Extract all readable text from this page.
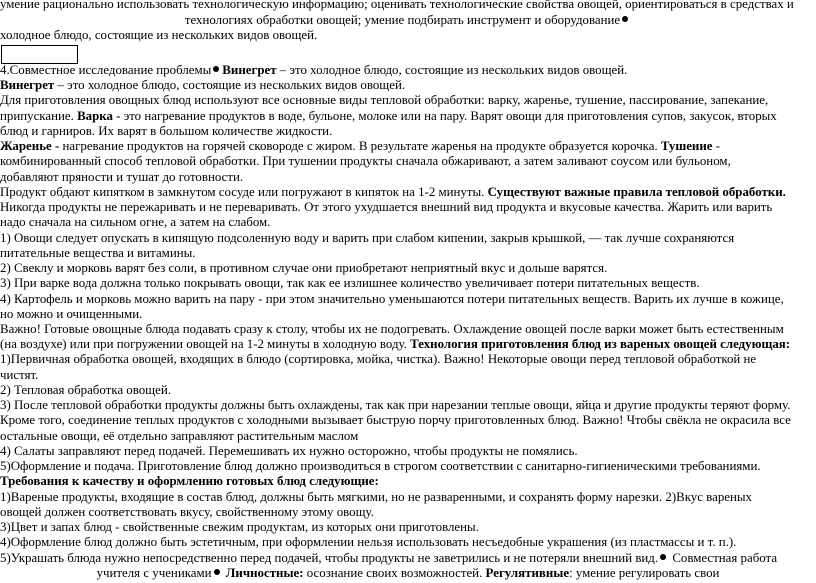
умение рационально использовать технологическую информацию; оценивать технологические свойства овощей, ориентироваться в средствах и
технологиях обработки овощей; умение подбирать инструмент и оборудование
холодное блюдо, состоящие из нескольких видов овощей.
4.Совместное исследование проблемы Винегрет – это холодное блюдо, состоящие из нескольких видов овощей.
Винегрет – это холодное блюдо, состоящие из нескольких видов овощей.
Для приготовления овощных блюд используют все основные виды тепловой обработки: варку, жаренье, тушение, пассирование, запекание,
припускание. Варка - это нагревание продуктов в воде, бульоне, молоке или на пару. Варят овощи для приготовления супов, закусок, вторых
блюд и гарниров. Их варят в большом количестве жидкости.
Жаренье - нагревание продуктов на горячей сковороде с жиром. В результате жаренья на продукте образуется корочка. Тушение -
комбинированный способ тепловой обработки. При тушении продукты сначала обжаривают, а затем заливают соусом или бульоном,
добавляют пряности и тушат до готовности.
Продукт обдают кипятком в замкнутом сосуде или погружают в кипяток на 1-2 минуты. Существуют важные правила тепловой обработки.
Никогда продукты не пережаривать и не переваривать. От этого ухудшается внешний вид продукта и вкусовые качества. Жарить или варить
надо сначала на сильном огне, а затем на слабом.
1) Овощи следует опускать в кипящую подсоленную воду и варить при слабом кипении, закрыв крышкой, — так лучше сохраняются
питательные вещества и витамины.
2) Свеклу и морковь варят без соли, в противном случае они приобретают неприятный вкус и дольше варятся.
3) При варке вода должна только покрывать овощи, так как ее излишнее количество увеличивает потери питательных веществ.
4) Картофель и морковь можно варить на пару - при этом значительно уменьшаются потери питательных веществ. Варить их лучше в кожице,
но можно и очищенными.
Важно! Готовые овощные блюда подавать сразу к столу, чтобы их не подогревать. Охлаждение овощей после варки может быть естественным
(на воздухе) или при погружении овощей на 1-2 минуты в холодную воду. Технология приготовления блюд из вареных овощей следующая:
1)Первичная обработка овощей, входящих в блюдо (сортировка, мойка, чистка). Важно! Некоторые овощи перед тепловой обработкой не
чистят.
2) Тепловая обработка овощей.
3) После тепловой обработки продукты должны быть охлаждены, так как при нарезании теплые овощи, яйца и другие продукты теряют форму.
Кроме того, соединение теплых продуктов с холодными вызывает быструю порчу приготовленных блюд. Важно! Чтобы свёкла не окрасила все
остальные овощи, её отдельно заправляют растительным маслом
4) Салаты заправляют перед подачей. Перемешивать их нужно осторожно, чтобы продукты не помялись.
5)Оформление и подача. Приготовление блюд должно производиться в строгом соответствии с санитарно-гигиеническими требованиями.
Требования к качеству и оформлению готовых блюд следующие:
1)Вареные продукты, входящие в состав блюд, должны быть мягкими, но не разваренными, и сохранять форму нарезки. 2)Вкус вареных
овощей должен соответствовать вкусу, свойственному этому овощу.
3)Цвет и запах блюд - свойственные свежим продуктам, из которых они приготовлены.
4)Оформление блюд должно быть эстетичным, при оформлении нельзя использовать несъедобные украшения (из пластмассы и т. п.).
5)Украшать блюда нужно непосредственно перед подачей, чтобы продукты не заветрились и не потеряли внешний вид. Совместная работа
учителя с учениками Личностные: осознание своих возможностей. Регулятивные: умение регулировать свои
